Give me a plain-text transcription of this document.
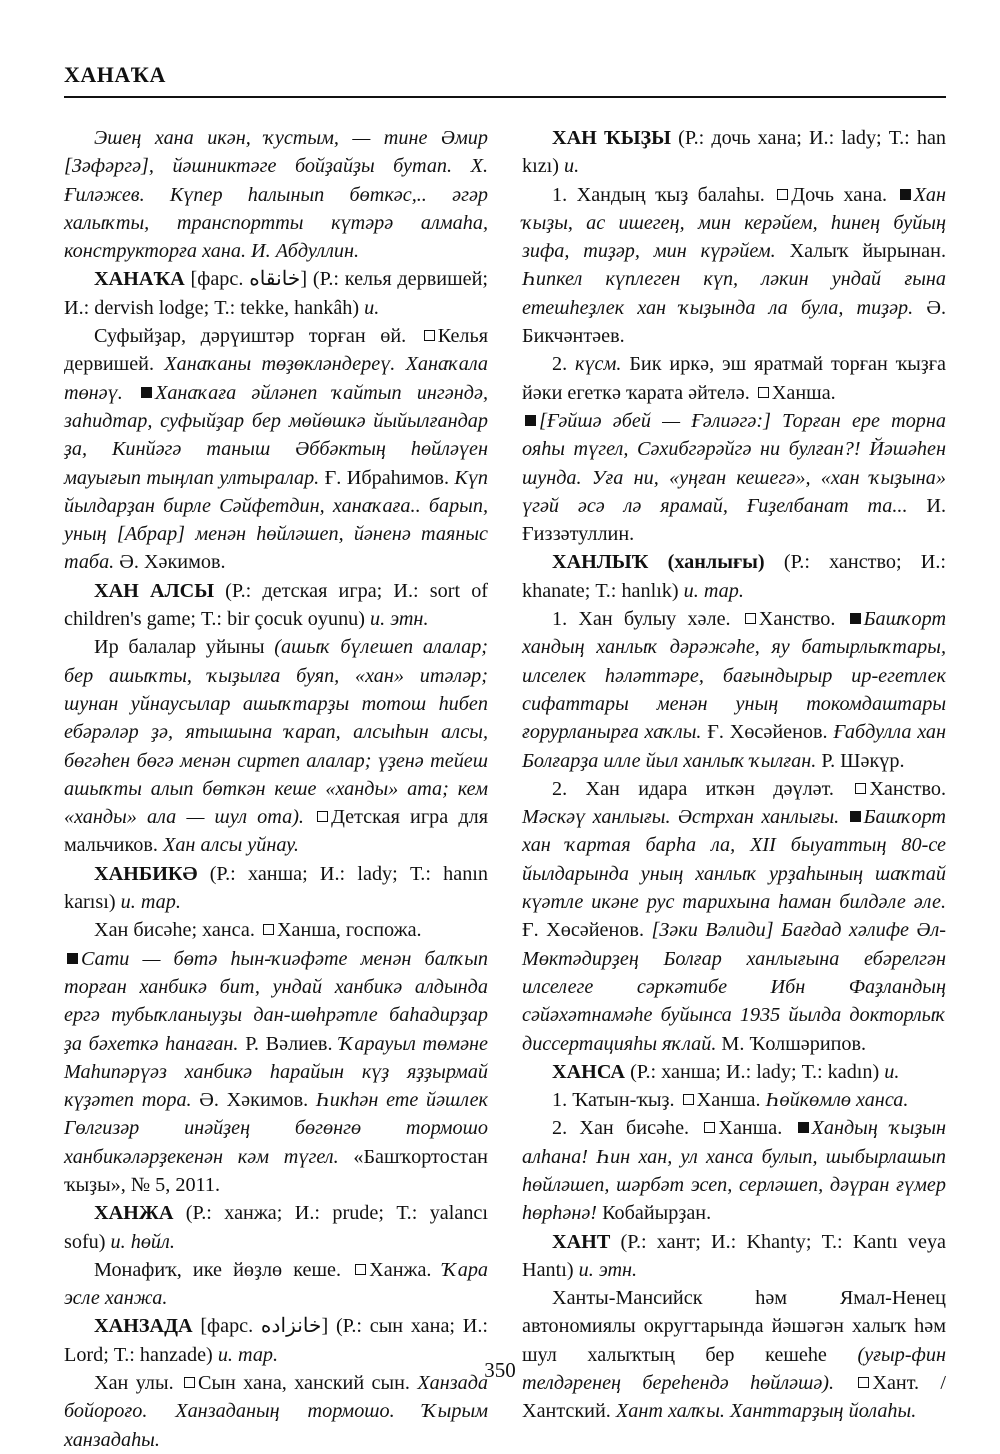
ХАНАҠА

Эшең хана икән, ҡустым, — тине Әмир [Зәфәргә], йәшниктәге бойҙайҙы бутап. Х. Ғиләжев. Күпер һалынып бөткәс,.. әгәр халыҡты, транспортты күтәрә алмаһа, конструкторға хана. И. Абдуллин.

ХАНАҠА [фарс. خانقاه] (Р.: келья дервишей; И.: dervish lodge; Т.: tekke, hankâh) и.

Суфыйҙар, дәрүиштәр торған өй. Келья дервишей. Ханаҡаны төҙөкләндереү. Ханаҡала төнәү. Ханаҡаға әйләнеп ҡайтып ингәндә, заһидтар, суфыйҙар бер мөйөшкә йыйылғандар ҙа, Кинйәгә таныш Әббәктың һөйләүен мауығып тыңлап ултыралар. Ғ. Ибраһимов. Күп йылдарҙан бирле Сәйфетдин, ханаҡаға.. барып, уның [Абрар] менән һөйләшеп, йәненә таяныс таба. Ә. Хәкимов.

ХАН АЛСЫ (Р.: детская игра; И.: sort of children's game; Т.: bir çocuk oyunu) и. этн.

Ир балалар уйыны (ашыҡ бүлешеп алалар; бер ашыҡты, ҡыҙылға буяп, «хан» итәләр; шунан уйнаусылар ашыҡтарҙы тотош һибеп ебәрәләр ҙә, ятышына ҡарап, алсыһын алсы, бөгәһен бөгә менән сиртеп алалар; үҙенә тейеш ашыҡты алып бөткән кеше «ханды» ата; кем «ханды» ала — шул ота). Детская игра для мальчиков. Хан алсы уйнау.

ХАНБИКӘ (Р.: ханша; И.: lady; Т.: hanın karısı) и. тар.

Хан бисәһе; ханса. Ханша, госпожа.

Сати — бөтә һын-ҡиәфәте менән балҡып торған ханбикә бит, ундай ханбикә алдында ергә тубыҡланыуҙы дан-шөһрәтле баһадирҙар ҙа бәхеткә һанаған. Р. Вәлиев. Ҡарауыл төмәне Маһипәрүәз ханбикә һарайын күҙ яҙҙырмай күҙәтеп тора. Ә. Хәкимов. Һикһән ете йәшлек Гөлгизәр инәйҙең бөгөнгө тормошо ханбикәләрҙекенән кәм түгел. «Башҡортостан ҡыҙы», № 5, 2011.

ХАНЖА (Р.: ханжа; И.: prude; Т.: yalancı sofu) и. һөйл.

Монафиҡ, ике йөҙлө кеше. Ханжа. Ҡара эсле ханжа.

ХАНЗАДА [фарс. خانزاده] (Р.: сын хана; И.: Lord; Т.: hanzade) и. тар.

Хан улы. Сын хана, ханский сын. Ханзада бойороғо. Ханзаданың тормошо. Ҡырым ханзадаһы.

ХАН ҠЫҘЫ (Р.: дочь хана; И.: lady; Т.: han kızı) и.

1. Хандың ҡыҙ балаһы. Дочь хана. Хан ҡыҙы, ас ишегең, мин керәйем, һинең буйың зифа, тиҙәр, мин күрәйем. Халыҡ йырынан. Һипкел күплеген күп, ләкин ундай ғына етешһеҙлек хан ҡыҙында ла була, тиҙәр. Ә. Бикчәнтәев.

2. күсм. Бик иркә, эш яратмай торған ҡыҙға йәки егеткә ҡарата әйтелә. Ханша.

[Ғәйшә әбей — Ғәлиәгә:] Торған ере торна ояһы түгел, Сәхибгәрәйгә ни булған?! Йәшәһен шунда. Уға ни, «уңған кешегә», «хан ҡыҙына» үгәй әсә лә ярамай, Ғиҙелбанат та... И. Ғиззәтуллин.

ХАНЛЫҠ (ханлығы) (Р.: ханство; И.: khanate; Т.: hanlık) и. тар.

1. Хан булыу хәле. Ханство. Башҡорт хандың ханлыҡ дәрәжәһе, яу батырлыҡтары, илселек һәләттәре, бағындырыр ир-егетлек сифаттары менән уның токомдаштары ғорурланырға хаҡлы. Ғ. Хөсәйенов. Ғабдулла хан Болғарҙа илле йыл ханлыҡ ҡылған. Р. Шәкүр.

2. Хан идара иткән дәүләт. Ханство. Мәскәү ханлығы. Әстрхан ханлығы. Башҡорт хан ҡартая барһа ла, XII быуаттың 80-се йылдарында уның ханлыҡ урҙаһының шаҡтай күәтле икәне рус тарихына һаман билдәле әле. Ғ. Хөсәйенов. [Зәки Вәлиди] Бағдад хәлифе Әл-Мөктәдирҙең Болғар ханлығына ебәрелгән илселеге сәркәтибе Ибн Фаҙландың сәйәхәтнамәһе буйынса 1935 йылда докторлыҡ диссертацияһы яҡлай. М. Ҡолшәрипов.

ХАНСА (Р.: ханша; И.: lady; Т.: kadın) и.

1. Ҡатын-ҡыҙ. Ханша. Һөйкөмлө ханса.

2. Хан бисәһе. Ханша. Хандың ҡыҙын алһана! Һин хан, ул ханса булып, шыбырлашып һөйләшеп, шәрбәт эсеп, серләшеп, дәүран ғүмер һөрһәнә! Кобайырҙан.

ХАНТ (Р.: хант; И.: Khanty; Т.: Kantı veya Hantı) и. этн.

Ханты-Мансийск һәм Ямал-Ненец автономиялы округтарында йәшәгән халыҡ һәм шул халыҡтың бер кешеһе (уғыр-фин телдәренең береһендә һөйләшә). Хант. / Хантский. Хант халҡы. Ханттарҙың йолаһы.

350
